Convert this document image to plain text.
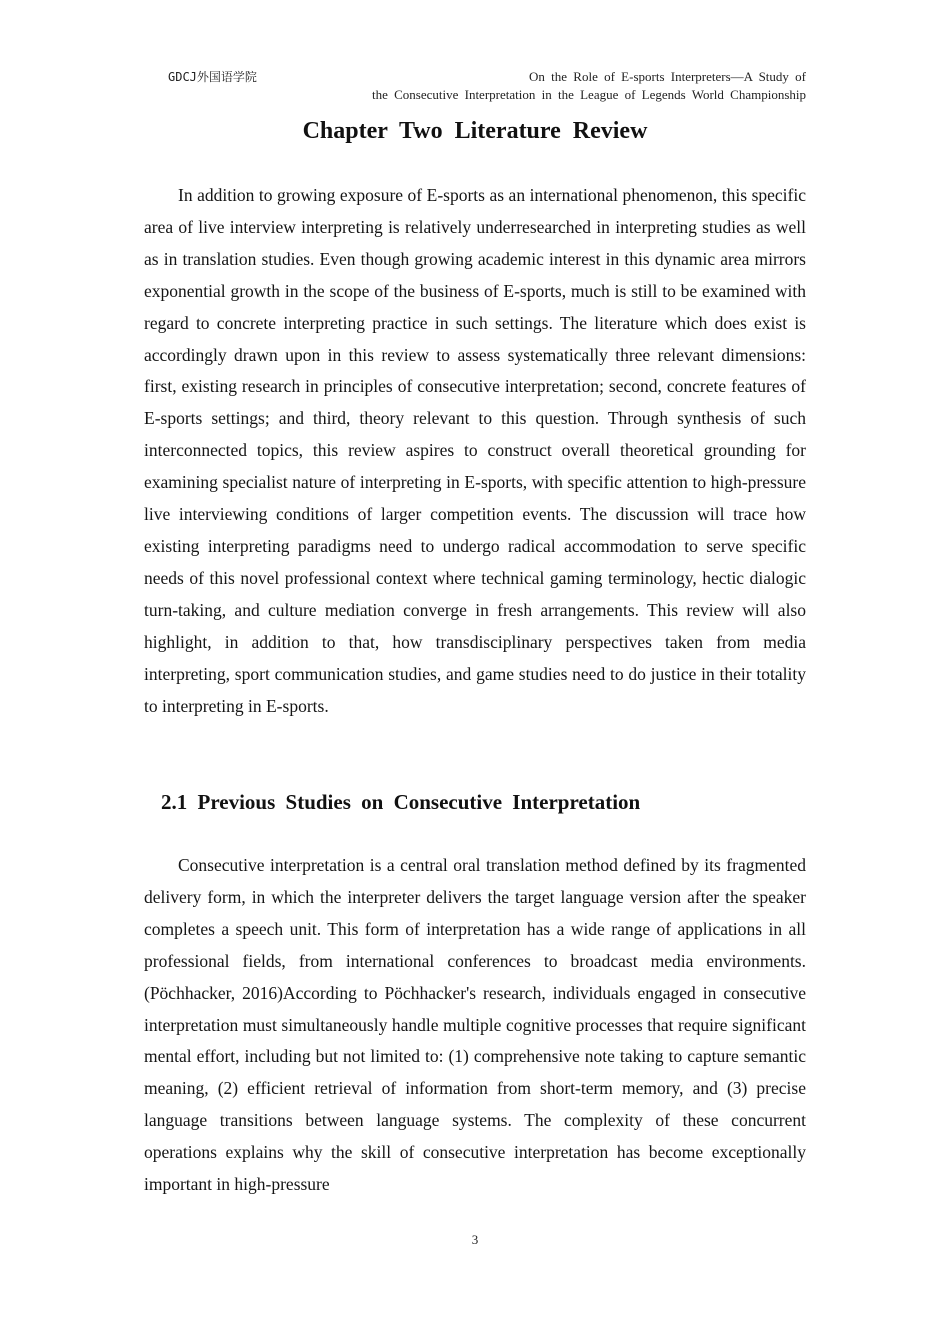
GDCJ外国语学院	On the Role of E-sports Interpreters—A Study of
the Consecutive Interpretation in the League of Legends World Championship
Chapter Two Literature Review

In addition to growing exposure of E-sports as an international phenomenon, this specific area of live interview interpreting is relatively underresearched in interpreting studies as well as in translation studies. Even though growing academic interest in this dynamic area mirrors exponential growth in the scope of the business of E-sports, much is still to be examined with regard to concrete interpreting practice in such settings. The literature which does exist is accordingly drawn upon in this review to assess systematically three relevant dimensions: first, existing research in principles of consecutive interpretation; second, concrete features of E-sports settings; and third, theory relevant to this question. Through synthesis of such interconnected topics, this review aspires to construct overall theoretical grounding for examining specialist nature of interpreting in E-sports, with specific attention to high-pressure live interviewing conditions of larger competition events. The discussion will trace how existing interpreting paradigms need to undergo radical accommodation to serve specific needs of this novel professional context where technical gaming terminology, hectic dialogic turn-taking, and culture mediation converge in fresh arrangements. This review will also highlight, in addition to that, how transdisciplinary perspectives taken from media interpreting, sport communication studies, and game studies need to do justice in their totality to interpreting in E-sports.

2.1 Previous Studies on Consecutive Interpretation

Consecutive interpretation is a central oral translation method defined by its fragmented delivery form, in which the interpreter delivers the target language version after the speaker completes a speech unit. This form of interpretation has a wide range of applications in all professional fields, from international conferences to broadcast media environments. (Pöchhacker, 2016)According to Pöchhacker's research, individuals engaged in consecutive interpretation must simultaneously handle multiple cognitive processes that require significant mental effort, including but not limited to: (1) comprehensive note taking to capture semantic meaning, (2) efficient retrieval of information from short-term memory, and (3) precise language transitions between language systems. The complexity of these concurrent operations explains why the skill of consecutive interpretation has become exceptionally important in high-pressure

3
